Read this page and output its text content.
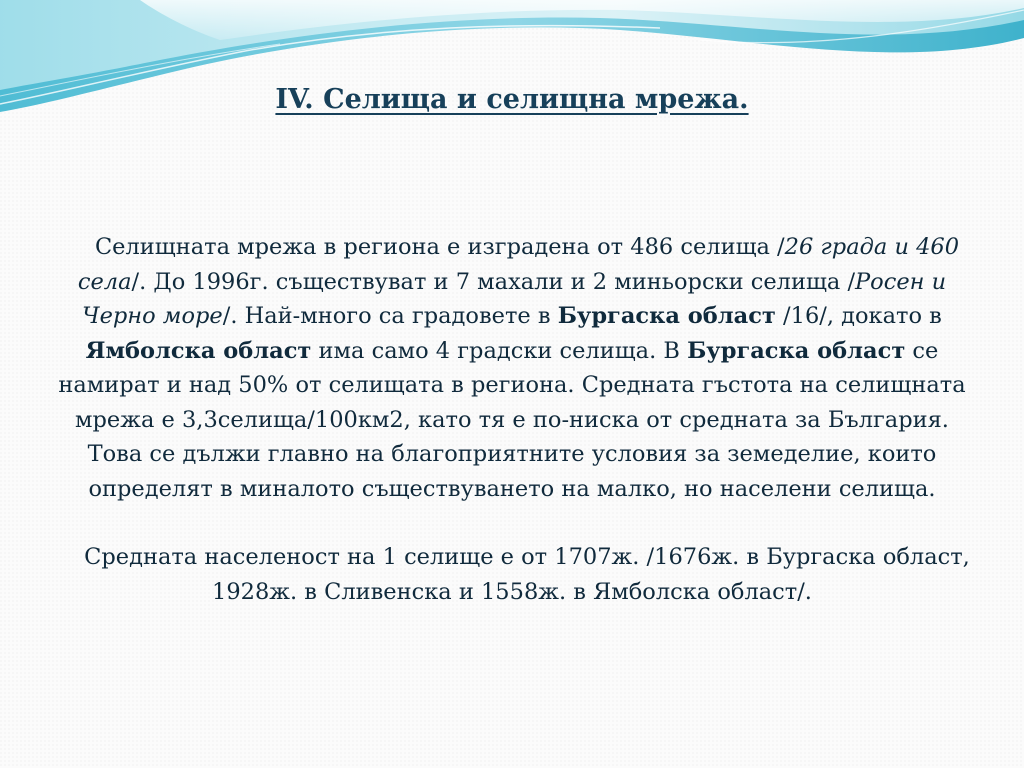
IV. Селища и селищна мрежа.

Селищната мрежа в региона е изградена от 486 селища /26 града и 460 села/. До 1996г. съществуват и 7 махали и 2 миньорски селища /Росен и Черно море/. Най-много са градовете в Бургаска област /16/, докато в Ямболска област има само 4 градски селища. В Бургаска област се намират и над 50% от селищата в региона. Средната гъстота на селищната мрежа е 3,3селища/100км2, като тя е по-ниска от средната за България. Това се дължи главно на благоприятните условия за земеделие, които определят в миналото съществуването на малко, но населени селища.

Средната населеност на 1 селище е от 1707ж. /1676ж. в Бургаска област, 1928ж. в Сливенска и 1558ж. в Ямболска област/.
